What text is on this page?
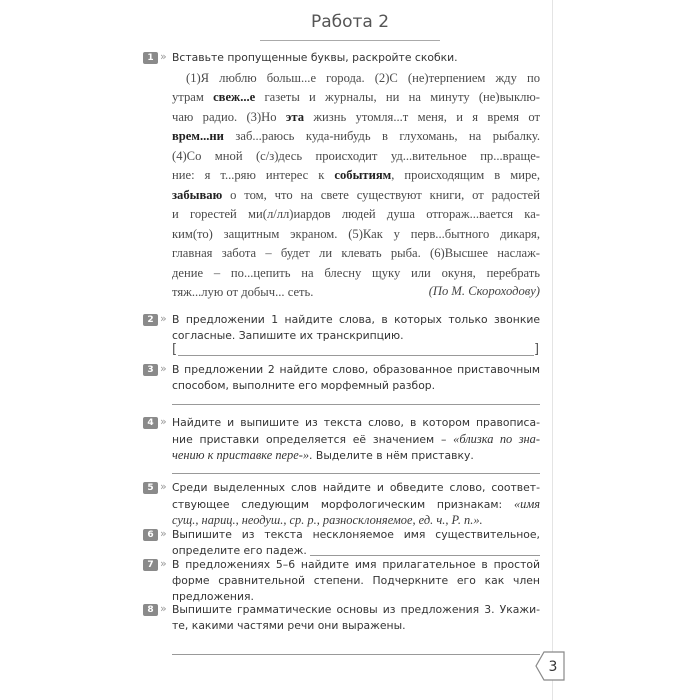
Работа 2
1 » Вставьте пропущенные буквы, раскройте скобки.
(1)Я люблю больш...е города. (2)С (не)терпением жду по
утрам свеж...е газеты и журналы, ни на минуту (не)выклю-
чаю радио. (3)Но эта жизнь утомля...т меня, и я время от
врем...ни заб...раюсь куда-нибудь в глухомань, на рыбалку.
(4)Со мной (с/з)десь происходит уд...вительное пр...враще-
ние: я т...ряю интерес к событиям, происходящим в мире,
забываю о том, что на свете существуют книги, от радостей
и горестей ми(л/лл)иардов людей душа отгораж...вается ка-
ким(то) защитным экраном. (5)Как у перв...бытного дикаря,
главная забота – будет ли клевать рыба. (6)Высшее наслаж-
дение – по...цепить на блесну щуку или окуня, перебрать
тяж...лую от добыч... сеть.	(По М. Скороходову)
2 » В предложении 1 найдите слова, в которых только звонкие
согласные. Запишите их транскрипцию.
[	]
3 » В предложении 2 найдите слово, образованное приставочным
способом, выполните его морфемный разбор.
4 » Найдите и выпишите из текста слово, в котором правописа-
ние приставки определяется её значением – «близка по зна-
чению к приставке пере-». Выделите в нём приставку.
5 » Среди выделенных слов найдите и обведите слово, соответ-
ствующее следующим морфологическим признакам: «имя
сущ., нариц., неодуш., ср. р., разносклоняемое, ед. ч., Р. п.».
6 » Выпишите из текста несклоняемое имя существительное,
определите его падеж.
7 » В предложениях 5–6 найдите имя прилагательное в простой
форме сравнительной степени. Подчеркните его как член
предложения.
8 » Выпишите грамматические основы из предложения 3. Укажи-
те, какими частями речи они выражены.
3
